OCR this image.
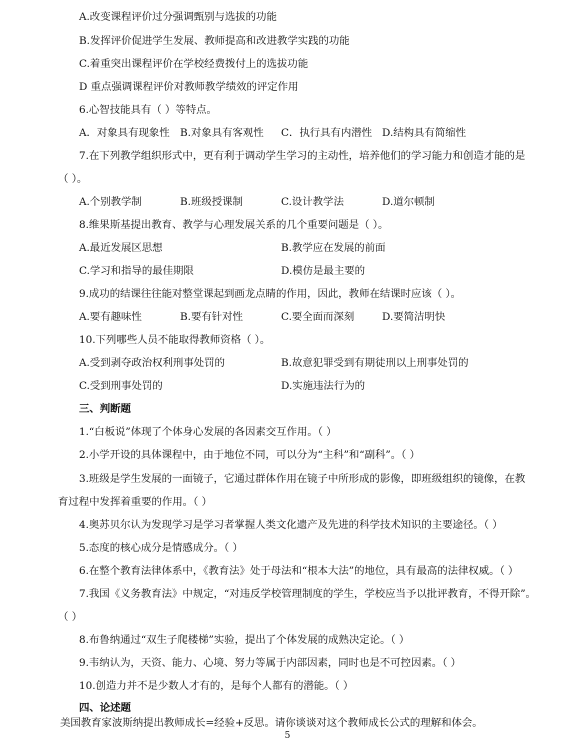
A.改变课程评价过分强调甄别与选拔的功能
B.发挥评价促进学生发展、教师提高和改进教学实践的功能
C.着重突出课程评价在学校经费拨付上的选拔功能
D 重点强调课程评价对教师教学绩效的评定作用
6.心智技能具有（ ）等特点。
A．对象具有现象性 B.对象具有客观性 C．执行具有内潜性 D.结构具有简缩性
7.在下列教学组织形式中，更有利于调动学生学习的主动性，培养他们的学习能力和创造才能的是
（ ）。
A.个别教学制	B.班级授课制	C.设计教学法	D.道尔顿制
8.维果斯基提出教育、教学与心理发展关系的几个重要问题是（ ）。
A.最近发展区思想	B.教学应在发展的前面
C.学习和指导的最佳期限	D.模仿是最主要的
9.成功的结课往往能对整堂课起到画龙点睛的作用，因此，教师在结课时应该（ ）。
A.要有趣味性	B.要有针对性	C.要全面而深刻	D.要简洁明快
10.下列哪些人员不能取得教师资格（ ）。
A.受到剥夺政治权利刑事处罚的	B.故意犯罪受到有期徒刑以上刑事处罚的
C.受到刑事处罚的	D.实施违法行为的
三、判断题
1.“白板说”体现了个体身心发展的各因素交互作用。（ ）
2.小学开设的具体课程中，由于地位不同，可以分为“主科”和“副科”。（ ）
3.班级是学生发展的一面镜子，它通过群体作用在镜子中所形成的影像，即班级组织的镜像，在教
育过程中发挥着重要的作用。（ ）
4.奥苏贝尔认为发现学习是学习者掌握人类文化遗产及先进的科学技术知识的主要途径。（ ）
5.态度的核心成分是情感成分。（ ）
6.在整个教育法律体系中，《教育法》处于母法和“根本大法”的地位，具有最高的法律权威。（ ）
7.我国《义务教育法》中规定，“对违反学校管理制度的学生，学校应当予以批评教育，不得开除”。
（ ）
8.布鲁纳通过“双生子爬楼梯”实验，提出了个体发展的成熟决定论。（ ）
9.韦纳认为，天资、能力、心境、努力等属于内部因素，同时也是不可控因素。（ ）
10.创造力并不是少数人才有的，是每个人都有的潜能。（ ）
5
四、论述题
美国教育家波斯纳提出教师成长=经验+反思。请你谈谈对这个教师成长公式的理解和体会。
